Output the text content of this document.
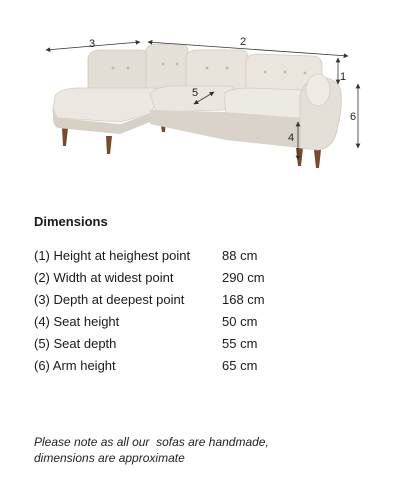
1
2
3
4
5
6
Dimensions
(1) Height at heighest point	88 cm
(2) Width at widest point	290 cm
(3) Depth at deepest point	168 cm
(4) Seat height	50 cm
(5) Seat depth	55 cm
(6) Arm height	65 cm
Please note as all our  sofas are handmade,
dimensions are approximate
